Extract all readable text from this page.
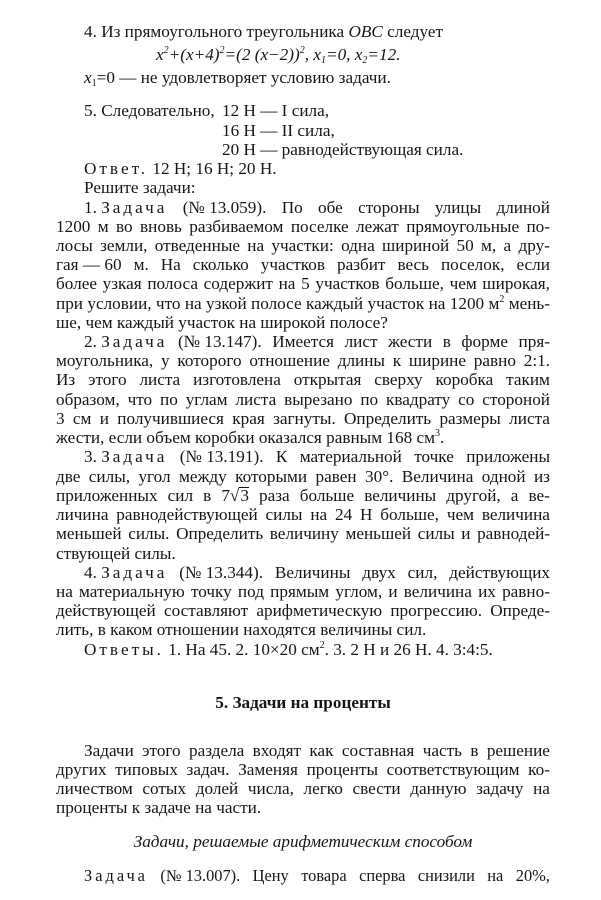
4. Из прямоугольного треугольника OBC следует
$x^2+(x+4)^2=(2$ (x−2))$^2$, $x_1=0$, $x_2=12$.
$x_1=0$ — не удовлетворяет условию задачи.
5. Следовательно, 12 Н — I сила,
16 Н — II сила,
20 Н — равнодействующая сила.
Ответ. 12 Н; 16 Н; 20 Н.
Решите задачи:
1. Задача (№ 13.059). По обе стороны улицы длиной
1200 м во вновь разбиваемом поселке лежат прямоугольные по-
лосы земли, отведенные на участки: одна шириной 50 м, а дру-
гая — 60 м. На сколько участков разбит весь поселок, если
более узкая полоса содержит на 5 участков больше, чем широкая,
при условии, что на узкой полосе каждый участок на 1200 $м^2$ мень-
ше, чем каждый участок на широкой полосе?
2. Задача (№ 13.147). Имеется лист жести в форме пря-
моугольника, у которого отношение длины к ширине равно 2:1.
Из этого листа изготовлена открытая сверху коробка таким
образом, что по углам листа вырезано по квадрату со стороной
3 см и получившиеся края загнуты. Определить размеры листа
жести, если объем коробки оказался равным 168 $см^3$.
3. Задача (№ 13.191). К материальной точке приложены
две силы, угол между которыми равен 30°. Величина одной из
приложенных сил в 7√3 раза больше величины другой, а ве-
личина равнодействующей силы на 24 Н больше, чем величина
меньшей силы. Определить величину меньшей силы и равнодей-
ствующей силы.
4. Задача (№ 13.344). Величины двух сил, действующих
на материальную точку под прямым углом, и величина их равно-
действующей составляют арифметическую прогрессию. Опреде-
лить, в каком отношении находятся величины сил.
Ответы. 1. На 45. 2. 10×20 $см^2$. 3. 2 Н и 26 Н. 4. 3:4:5.
5. Задачи на проценты
Задачи этого раздела входят как составная часть в решение
других типовых задач. Заменяя проценты соответствующим ко-
личеством сотых долей числа, легко свести данную задачу на
проценты к задаче на части.
Задачи, решаемые арифметическим способом
Задача (№ 13.007). Цену товара сперва снизили на 20%,
